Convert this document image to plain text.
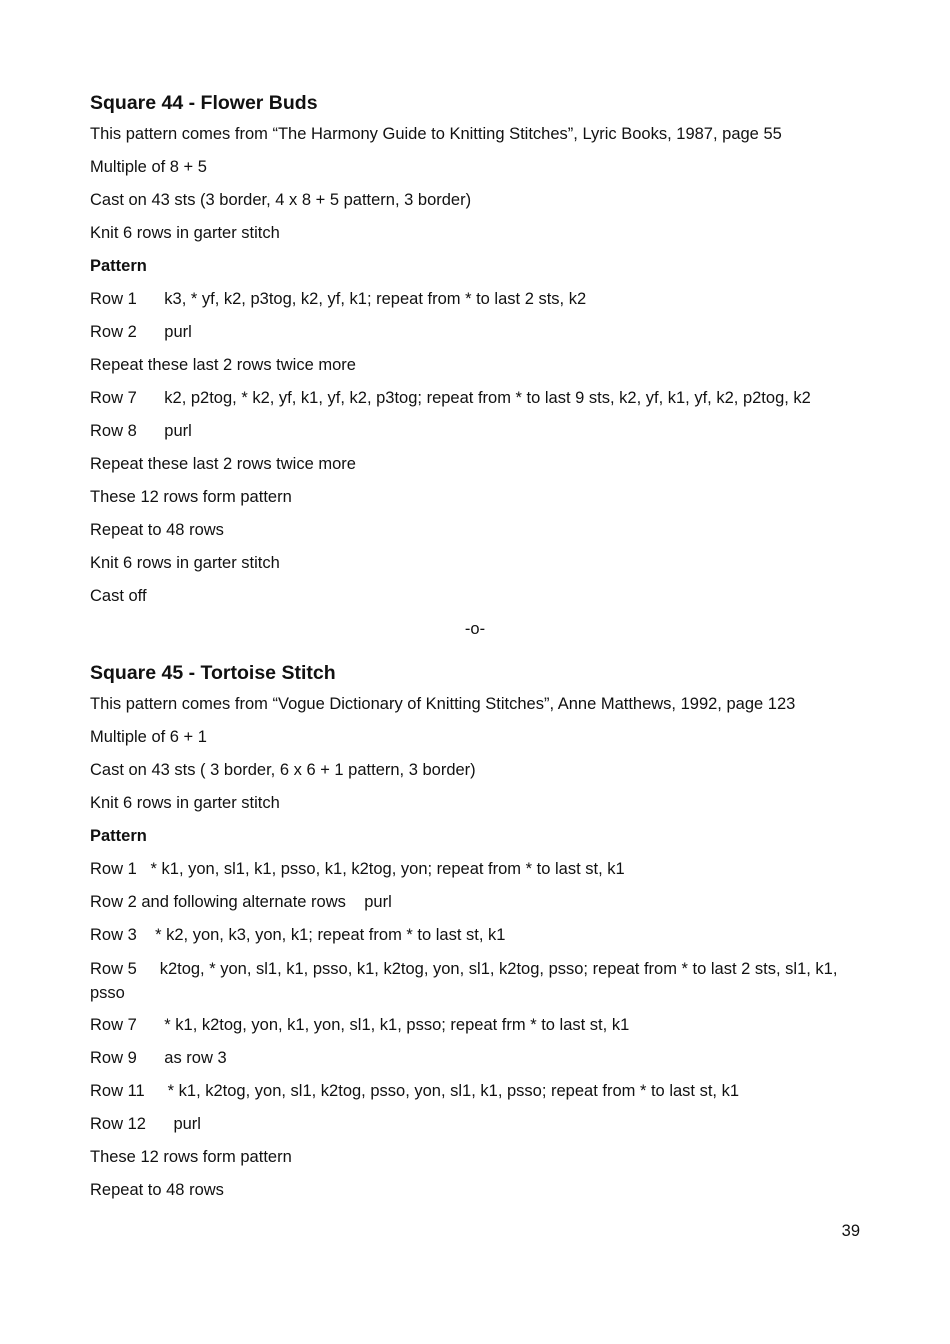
Square 44 - Flower Buds

This pattern comes from “The Harmony Guide to Knitting Stitches”, Lyric Books, 1987, page 55

Multiple of 8 + 5

Cast on 43 sts (3 border, 4 x 8 + 5 pattern, 3 border)

Knit 6 rows in garter stitch

Pattern

Row 1      k3, * yf, k2, p3tog, k2, yf, k1; repeat from * to last 2 sts, k2

Row 2      purl

Repeat these last 2 rows twice more

Row 7      k2, p2tog, * k2, yf, k1, yf, k2, p3tog; repeat from * to last 9 sts, k2, yf, k1, yf, k2, p2tog, k2

Row 8      purl

Repeat these last 2 rows twice more

These 12 rows form pattern

Repeat to 48 rows

Knit 6 rows in garter stitch

Cast off

-o-

Square 45 - Tortoise Stitch

This pattern comes from “Vogue Dictionary of Knitting Stitches”, Anne Matthews, 1992, page 123

Multiple of 6 + 1

Cast on 43 sts ( 3 border, 6 x 6 + 1 pattern, 3 border)

Knit 6 rows in garter stitch

Pattern

Row 1   * k1, yon, sl1, k1, psso, k1, k2tog, yon; repeat from * to last st, k1

Row 2 and following alternate rows    purl

Row 3    * k2, yon, k3, yon, k1; repeat from * to last st, k1

Row 5     k2tog, * yon, sl1, k1, psso, k1, k2tog, yon, sl1, k2tog, psso; repeat from * to last 2 sts, sl1, k1, psso

Row 7      * k1, k2tog, yon, k1, yon, sl1, k1, psso; repeat frm * to last st, k1

Row 9      as row 3

Row 11     * k1, k2tog, yon, sl1, k2tog, psso, yon, sl1, k1, psso; repeat from * to last st, k1

Row 12      purl

These 12 rows form pattern

Repeat to 48 rows

39
